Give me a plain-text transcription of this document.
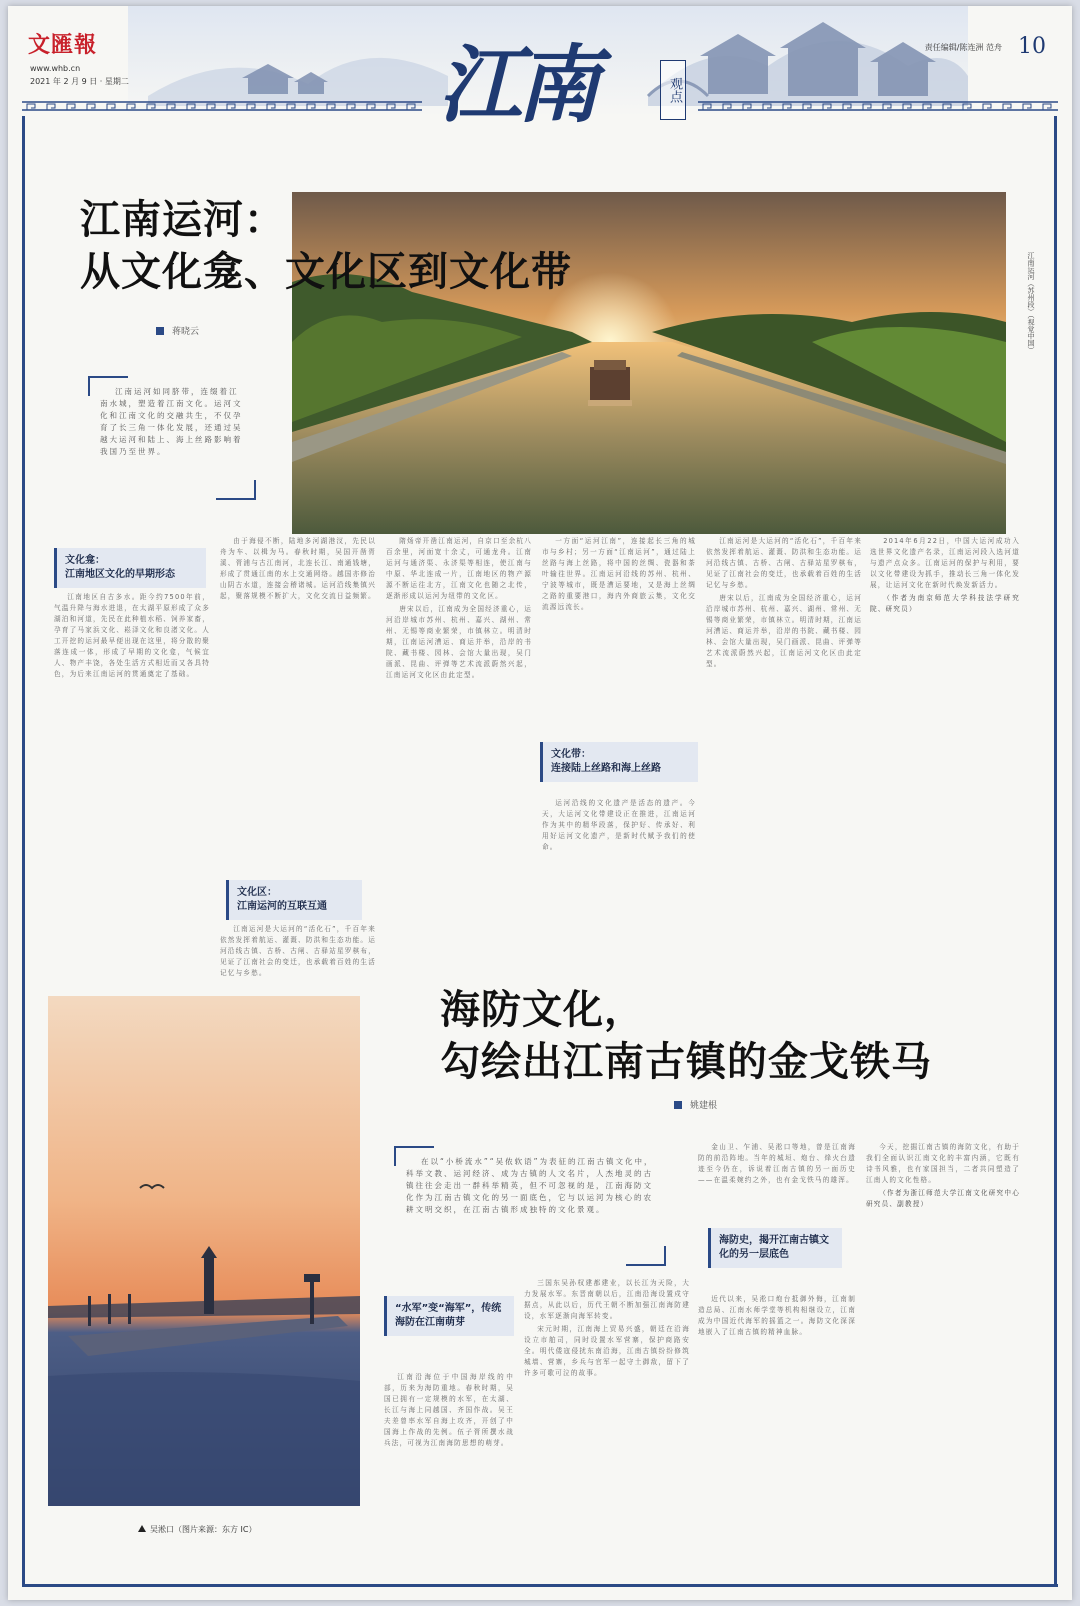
文匯報
www.whb.cn
2021 年 2 月 9 日 · 星期二
责任编辑/陈连洲 范舟 10
江南	观点
江南运河（苏州段）（视觉中国）
江南运河：
从文化龛、文化区到文化带
蒋晓云

江南运河如同脐带，连缀着江南水城，塑造着江南文化。运河文化和江南文化的交融共生，不仅孕育了长三角一体化发展，还通过吴越大运河和陆上、海上丝路影响着我国乃至世界。

文化龛：
江南地区文化的早期形态
文化区：
江南运河的互联互通
文化带：
连接陆上丝路和海上丝路

江南地区自古多水。距今约7500年前，气温升降与海水进退，在太湖平原形成了众多湖泊和河道，先民在此种植水稻、饲养家畜，孕育了马家浜文化、崧泽文化和良渚文化。人工开挖的运河最早便出现在这里，将分散的聚落连成一体，形成了早期的文化龛，气候宜人、物产丰饶，各处生活方式相近而又各具特色，为后来江南运河的贯通奠定了基础。

由于海侵不断，陆地多河湖港汊，先民以舟为车、以楫为马。春秋时期，吴国开凿胥溪、胥浦与古江南河，北连长江、南通钱塘，形成了贯通江南的水上交通网络。越国亦修治山阴古水道，连接会稽诸城。运河沿线集镇兴起，聚落规模不断扩大，文化交流日益频繁。

江南运河是大运河的“活化石”，千百年来依然发挥着航运、灌溉、防洪和生态功能。运河沿线古镇、古桥、古闸、古驿站星罗棋布，见证了江南社会的变迁，也承载着百姓的生活记忆与乡愁。

隋炀帝开凿江南运河，自京口至余杭八百余里，河面宽十余丈，可通龙舟。江南运河与通济渠、永济渠等相连，使江南与中原、华北连成一片，江南地区的物产源源不断运往北方，江南文化也随之北传，逐渐形成以运河为纽带的文化区。

唐宋以后，江南成为全国经济重心，运河沿岸城市苏州、杭州、嘉兴、湖州、常州、无锡等商业繁荣，市镇林立。明清时期，江南运河漕运、商运并举，沿岸的书院、藏书楼、园林、会馆大量出现，吴门画派、昆曲、评弹等艺术流派蔚然兴起，江南运河文化区由此定型。

一方面“运河江南”，连接起长三角的城市与乡村；另一方面“江南运河”，通过陆上丝路与海上丝路，将中国的丝绸、瓷器和茶叶输往世界。江南运河沿线的苏州、杭州、宁波等城市，既是漕运要地，又是海上丝绸之路的重要港口，海内外商旅云集，文化交流源远流长。

运河沿线的文化遗产是活态的遗产。今天，大运河文化带建设正在推进，江南运河作为其中的精华段落，保护好、传承好、利用好运河文化遗产，是新时代赋予我们的使命。

江南运河是大运河的“活化石”，千百年来依然发挥着航运、灌溉、防洪和生态功能。运河沿线古镇、古桥、古闸、古驿站星罗棋布，见证了江南社会的变迁，也承载着百姓的生活记忆与乡愁。

唐宋以后，江南成为全国经济重心，运河沿岸城市苏州、杭州、嘉兴、湖州、常州、无锡等商业繁荣，市镇林立。明清时期，江南运河漕运、商运并举，沿岸的书院、藏书楼、园林、会馆大量出现，吴门画派、昆曲、评弹等艺术流派蔚然兴起，江南运河文化区由此定型。

2014年6月22日，中国大运河成功入选世界文化遗产名录，江南运河段入选河道与遗产点众多。江南运河的保护与利用，要以文化带建设为抓手，推动长三角一体化发展，让运河文化在新时代焕发新活力。

（作者为南京师范大学科技法学研究院、研究员）

吴淞口（图片来源：东方 IC）
海防文化，
勾绘出江南古镇的金戈铁马
姚建根

在以“小桥流水”“吴侬软语”为表征的江南古镇文化中，科举文教、运河经济、成为古镇的人文名片，人杰地灵的古镇往往会走出一群科举精英，但不可忽视的是，江南海防文化作为江南古镇文化的另一面底色，它与以运河为核心的农耕文明交织，在江南古镇形成独特的文化景观。

“水军”变“海军”，传统海防在江南萌芽
海防史，揭开江南古镇文化的另一层底色

江南沿海位于中国海岸线的中部，历来为海防重地。春秋时期，吴国已拥有一定规模的水军，在太湖、长江与海上同越国、齐国作战。吴王夫差曾率水军自海上攻齐，开创了中国海上作战的先例。伍子胥所撰水战兵法，可视为江南海防思想的萌芽。

三国东吴孙权建都建业，以长江为天险，大力发展水军。东晋南朝以后，江南沿海设置戍守据点，从此以后，历代王朝不断加强江南海防建设，水军逐渐向海军转变。

宋元时期，江南海上贸易兴盛，朝廷在沿海设立市舶司，同时设置水军营寨，保护商路安全。明代倭寇侵扰东南沿海，江南古镇纷纷修筑城墙、营寨，乡兵与官军一起守土御敌，留下了许多可歌可泣的故事。

金山卫、乍浦、吴淞口等地，曾是江南海防的前沿阵地。当年的城垣、炮台、烽火台遗迹至今仍在，诉说着江南古镇的另一面历史——在温柔婉约之外，也有金戈铁马的雄浑。

近代以来，吴淞口炮台抵御外侮，江南制造总局、江南水师学堂等机构相继设立，江南成为中国近代海军的摇篮之一。海防文化深深地嵌入了江南古镇的精神血脉。

今天，挖掘江南古镇的海防文化，有助于我们全面认识江南文化的丰富内涵，它既有诗书风雅，也有家国担当，二者共同塑造了江南人的文化性格。

（作者为浙江师范大学江南文化研究中心研究员、副教授）
